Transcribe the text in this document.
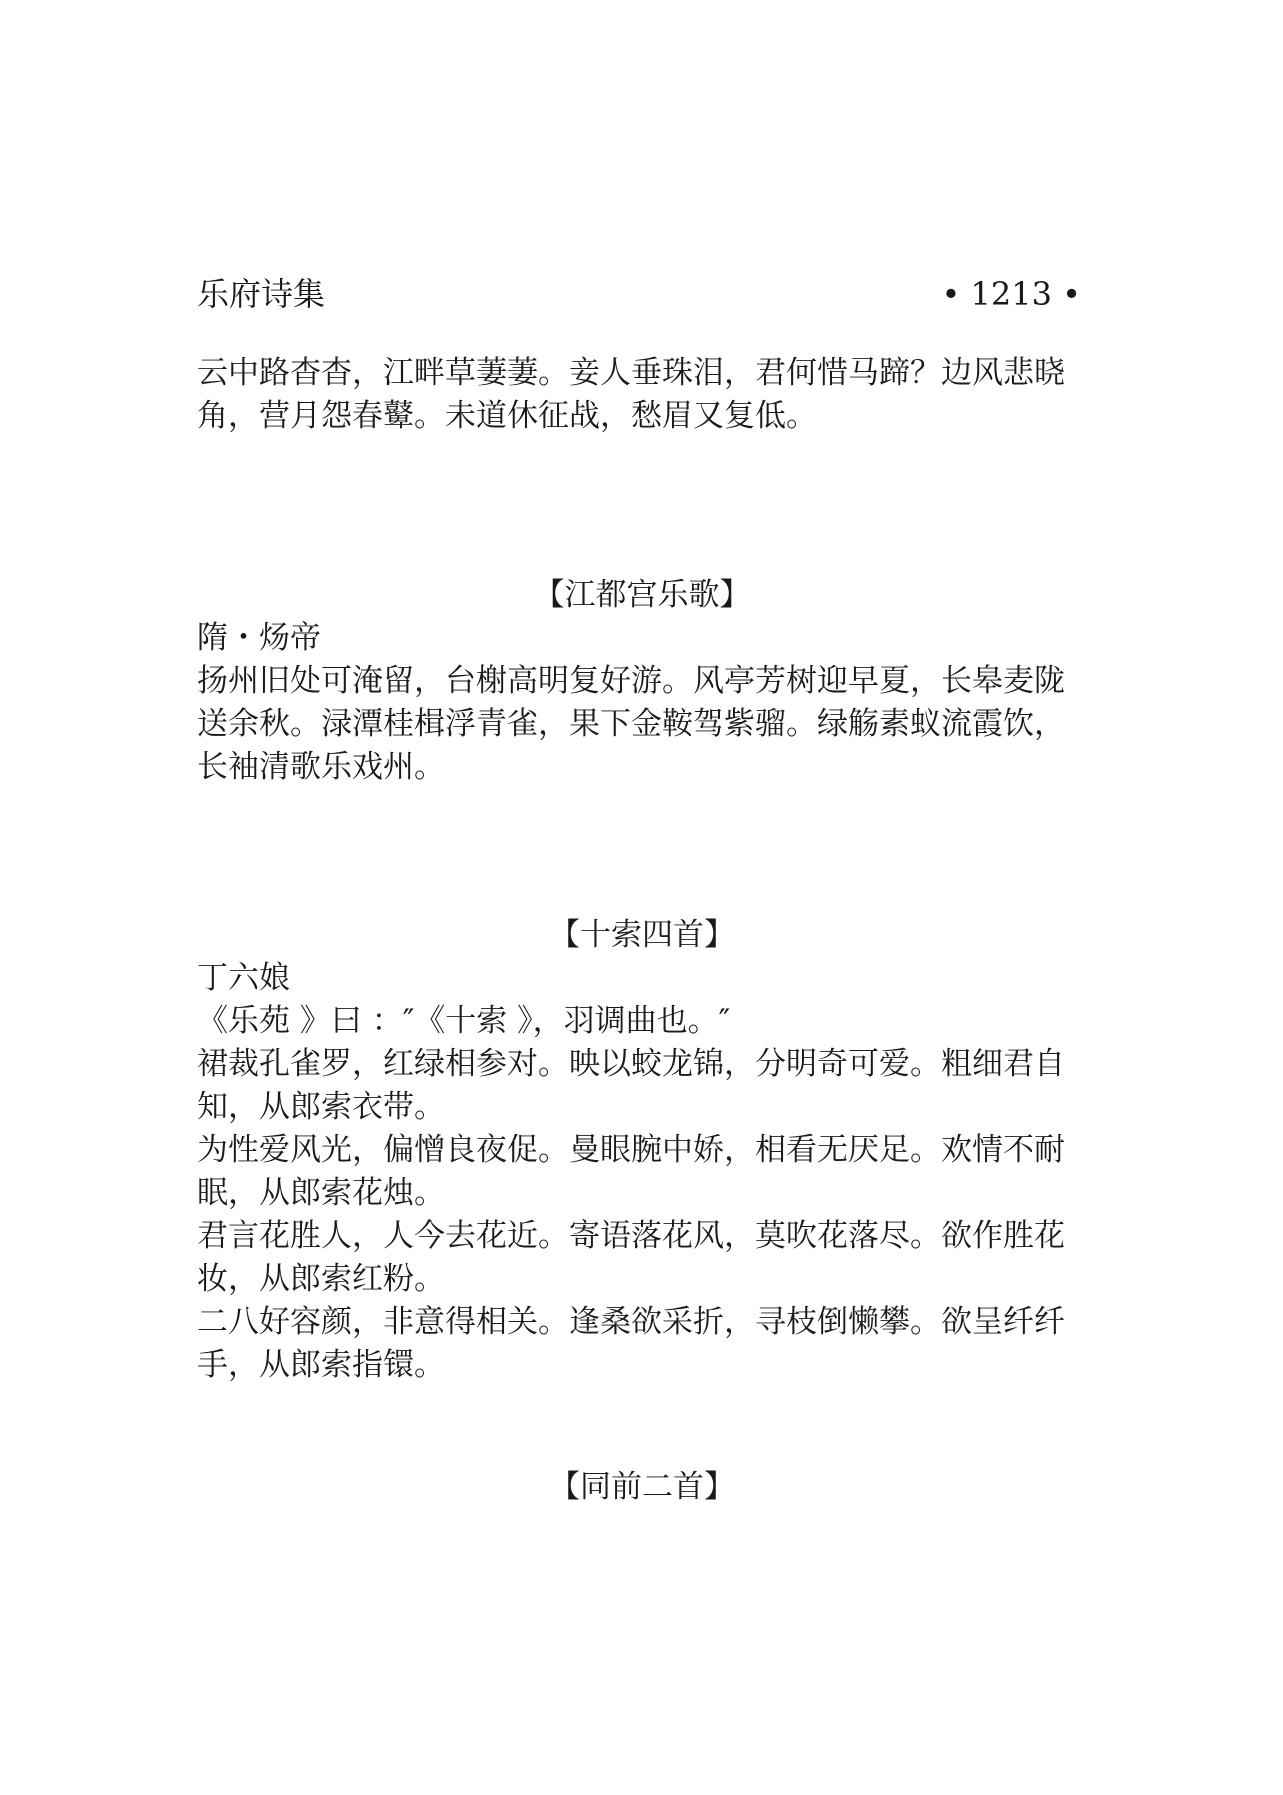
乐府诗集	• 1213 •

云中路杳杳，江畔草萋萋。妾人垂珠泪，君何惜马蹄？边风悲晓角，营月怨春鼙。未道休征战，愁眉又复低。

【江都宫乐歌】

隋・炀帝

扬州旧处可淹留，台榭高明复好游。风亭芳树迎早夏，长皋麦陇送余秋。渌潭桂楫浮青雀，果下金鞍驾紫骝。绿觞素蚁流霞饮，长袖清歌乐戏州。

【十索四首】

丁六娘

《乐苑 》曰 ：″《十索 》，羽调曲也。″

裙裁孔雀罗，红绿相参对。映以蛟龙锦，分明奇可爱。粗细君自知，从郎索衣带。

为性爱风光，偏憎良夜促。曼眼腕中娇，相看无厌足。欢情不耐眠，从郎索花烛。

君言花胜人，人今去花近。寄语落花风，莫吹花落尽。欲作胜花妆，从郎索红粉。

二八好容颜，非意得相关。逢桑欲采折，寻枝倒懒攀。欲呈纤纤手，从郎索指镮。

【同前二首】
